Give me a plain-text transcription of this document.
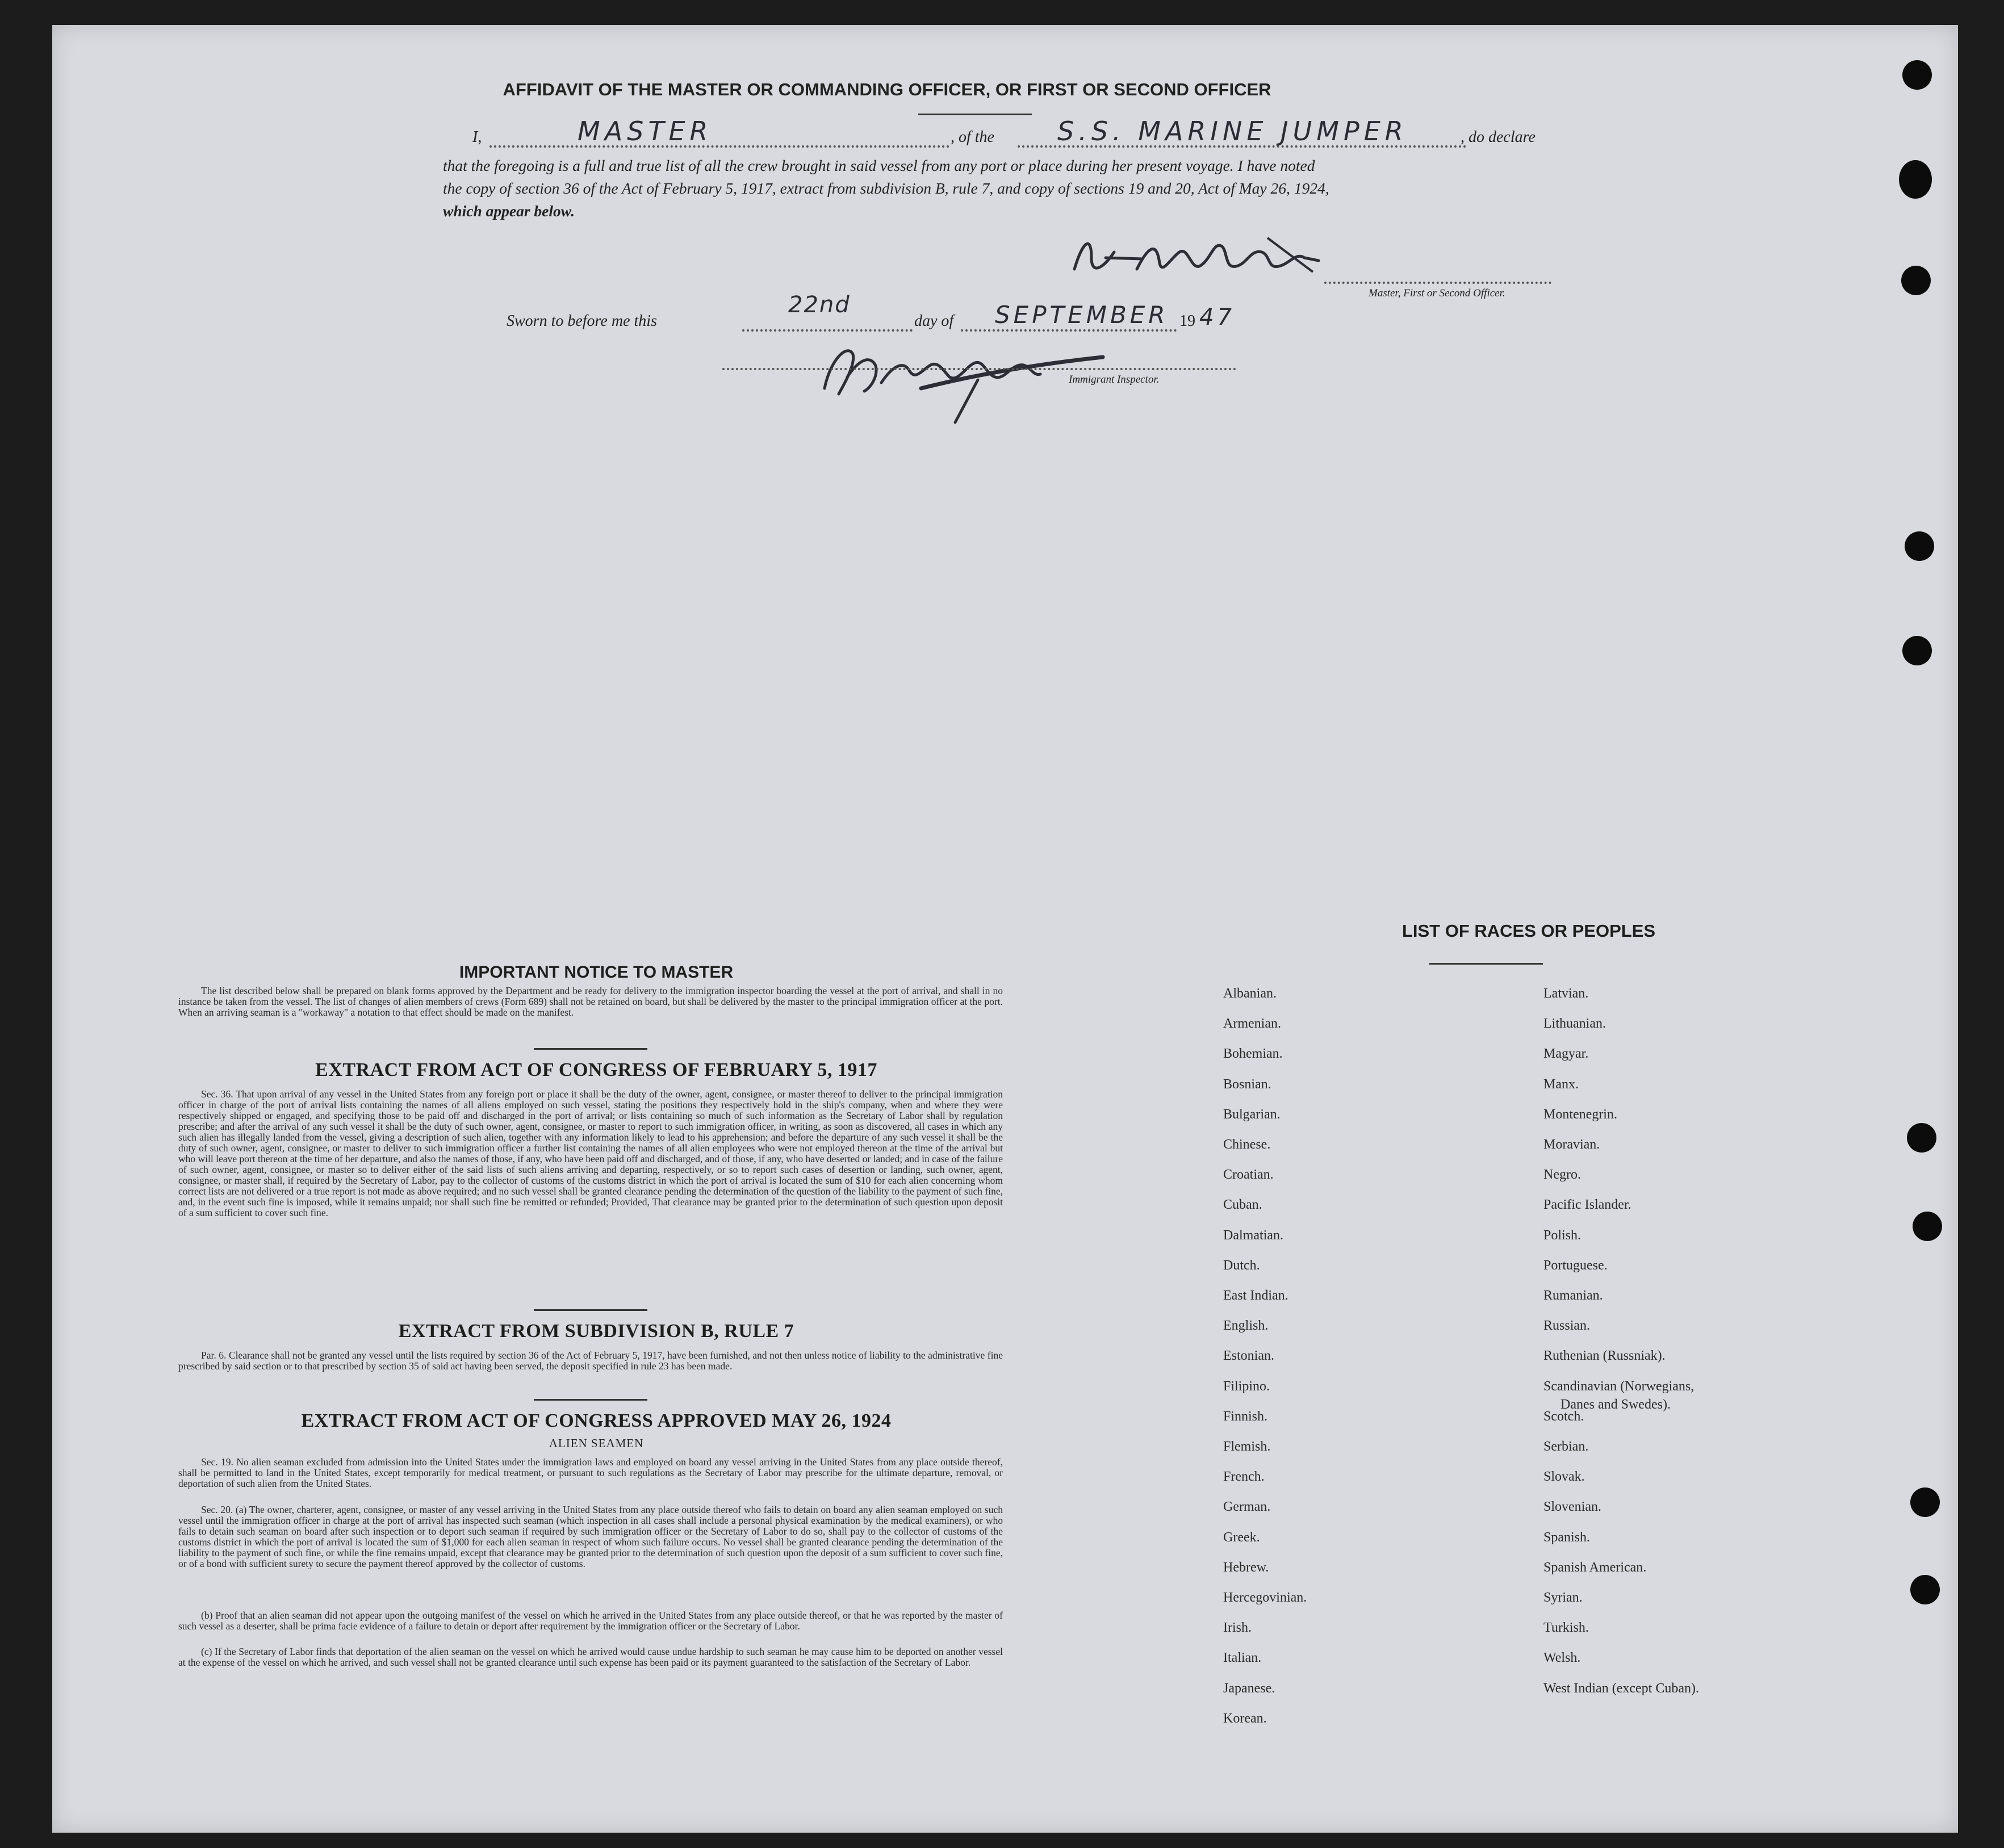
AFFIDAVIT OF THE MASTER OR COMMANDING OFFICER, OR FIRST OR SECOND OFFICER
I,	MASTER	, of the S.S. MARINE JUMPER	, do declare
that the foregoing is a full and true list of all the crew brought in said vessel from any port or place during her present voyage. I have noted
the copy of section 36 of the Act of February 5, 1917, extract from subdivision B, rule 7, and copy of sections 19 and 20, Act of May 26, 1924,
which appear below.
Master, First or Second Officer.
Sworn to before me this
22nd
day of SEPTEMBER 19 47
Immigrant Inspector.
IMPORTANT NOTICE TO MASTER
The list described below shall be prepared on blank forms approved by the Department and be ready for delivery to the immigration inspector boarding the vessel at the port of arrival, and shall in no instance be taken from the vessel. The list of changes of alien members of crews (Form 689) shall not be retained on board, but shall be delivered by the master to the principal immigration officer at the port. When an arriving seaman is a "workaway" a notation to that effect should be made on the manifest.
EXTRACT FROM ACT OF CONGRESS OF FEBRUARY 5, 1917
Sec. 36. That upon arrival of any vessel in the United States from any foreign port or place it shall be the duty of the owner, agent, consignee, or master thereof to deliver to the principal immigration officer in charge of the port of arrival lists containing the names of all aliens employed on such vessel, stating the positions they respectively hold in the ship's company, when and where they were respectively shipped or engaged, and specifying those to be paid off and discharged in the port of arrival; or lists containing so much of such information as the Secretary of Labor shall by regulation prescribe; and after the arrival of any such vessel it shall be the duty of such owner, agent, consignee, or master to report to such immigration officer, in writing, as soon as discovered, all cases in which any such alien has illegally landed from the vessel, giving a description of such alien, together with any information likely to lead to his apprehension; and before the departure of any such vessel it shall be the duty of such owner, agent, consignee, or master to deliver to such immigration officer a further list containing the names of all alien employees who were not employed thereon at the time of the arrival but who will leave port thereon at the time of her departure, and also the names of those, if any, who have been paid off and discharged, and of those, if any, who have deserted or landed; and in case of the failure of such owner, agent, consignee, or master so to deliver either of the said lists of such aliens arriving and departing, respectively, or so to report such cases of desertion or landing, such owner, agent, consignee, or master shall, if required by the Secretary of Labor, pay to the collector of customs of the customs district in which the port of arrival is located the sum of $10 for each alien concerning whom correct lists are not delivered or a true report is not made as above required; and no such vessel shall be granted clearance pending the determination of the question of the liability to the payment of such fine, and, in the event such fine is imposed, while it remains unpaid; nor shall such fine be remitted or refunded; Provided, That clearance may be granted prior to the determination of such question upon deposit of a sum sufficient to cover such fine.
EXTRACT FROM SUBDIVISION B, RULE 7
Par. 6. Clearance shall not be granted any vessel until the lists required by section 36 of the Act of February 5, 1917, have been furnished, and not then unless notice of liability to the administrative fine prescribed by said section or to that prescribed by section 35 of said act having been served, the deposit specified in rule 23 has been made.
EXTRACT FROM ACT OF CONGRESS APPROVED MAY 26, 1924
ALIEN SEAMEN
Sec. 19. No alien seaman excluded from admission into the United States under the immigration laws and employed on board any vessel arriving in the United States from any place outside thereof, shall be permitted to land in the United States, except temporarily for medical treatment, or pursuant to such regulations as the Secretary of Labor may prescribe for the ultimate departure, removal, or deportation of such alien from the United States.
Sec. 20. (a) The owner, charterer, agent, consignee, or master of any vessel arriving in the United States from any place outside thereof who fails to detain on board any alien seaman employed on such vessel until the immigration officer in charge at the port of arrival has inspected such seaman (which inspection in all cases shall include a personal physical examination by the medical examiners), or who fails to detain such seaman on board after such inspection or to deport such seaman if required by such immigration officer or the Secretary of Labor to do so, shall pay to the collector of customs of the customs district in which the port of arrival is located the sum of $1,000 for each alien seaman in respect of whom such failure occurs. No vessel shall be granted clearance pending the determination of the liability to the payment of such fine, or while the fine remains unpaid, except that clearance may be granted prior to the determination of such question upon the deposit of a sum sufficient to cover such fine, or of a bond with sufficient surety to secure the payment thereof approved by the collector of customs.
(b) Proof that an alien seaman did not appear upon the outgoing manifest of the vessel on which he arrived in the United States from any place outside thereof, or that he was reported by the master of such vessel as a deserter, shall be prima facie evidence of a failure to detain or deport after requirement by the immigration officer or the Secretary of Labor.
(c) If the Secretary of Labor finds that deportation of the alien seaman on the vessel on which he arrived would cause undue hardship to such seaman he may cause him to be deported on another vessel at the expense of the vessel on which he arrived, and such vessel shall not be granted clearance until such expense has been paid or its payment guaranteed to the satisfaction of the Secretary of Labor.
LIST OF RACES OR PEOPLES
Albanian.
Armenian.
Bohemian.
Bosnian.
Bulgarian.
Chinese.
Croatian.
Cuban.
Dalmatian.
Dutch.
East Indian.
English.
Estonian.
Filipino.
Finnish.
Flemish.
French.
German.
Greek.
Hebrew.
Hercegovinian.
Irish.
Italian.
Japanese.
Korean.
Latvian.
Lithuanian.
Magyar.
Manx.
Montenegrin.
Moravian.
Negro.
Pacific Islander.
Polish.
Portuguese.
Rumanian.
Russian.
Ruthenian (Russniak).
Scandinavian (Norwegians,
Danes and Swedes).
Scotch.
Serbian.
Slovak.
Slovenian.
Spanish.
Spanish American.
Syrian.
Turkish.
Welsh.
West Indian (except Cuban).
